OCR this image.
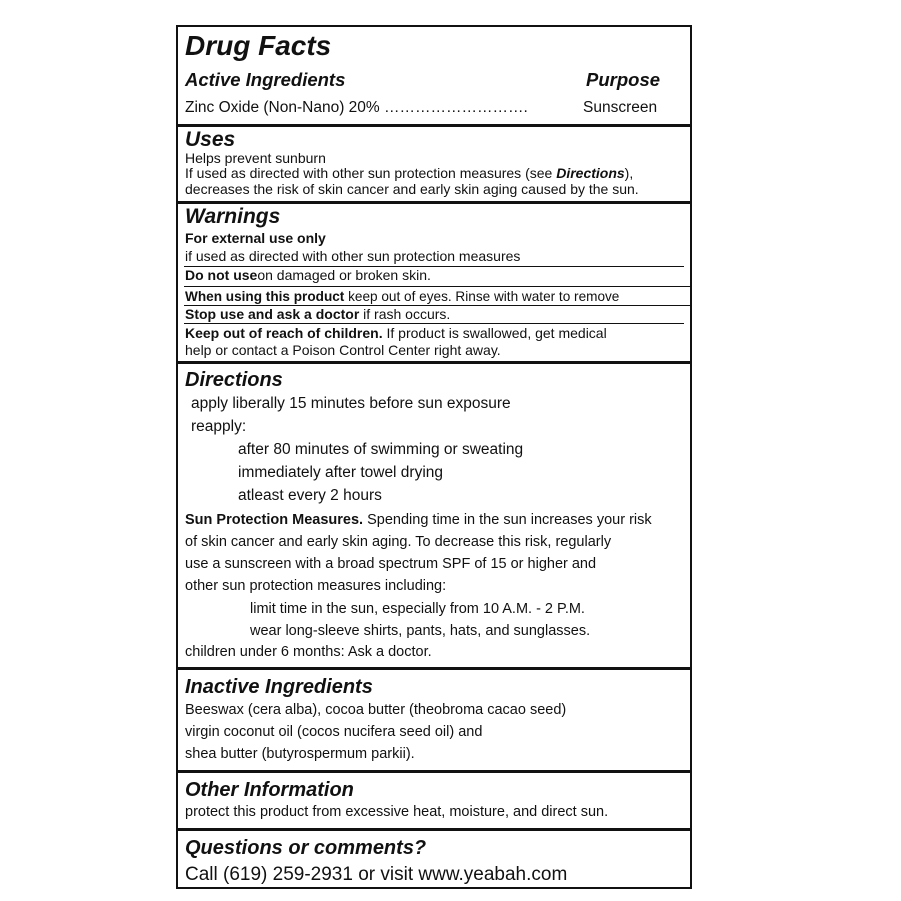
Drug Facts
Active Ingredients	Purpose
Zinc Oxide (Non-Nano) 20% ……………………….	Sunscreen
Uses
Helps prevent sunburn
If used as directed with other sun protection measures (see Directions),
decreases the risk of skin cancer and early skin aging caused by the sun.
Warnings
For external use only
if used as directed with other sun protection measures
Do not useon damaged or broken skin.
When using this product keep out of eyes. Rinse with water to remove
Stop use and ask a doctor if rash occurs.
Keep out of reach of children. If product is swallowed, get medical
help or contact a Poison Control Center right away.
Directions
apply liberally 15 minutes before sun exposure
reapply:
after 80 minutes of swimming or sweating
immediately after towel drying
atleast every 2 hours
Sun Protection Measures. Spending time in the sun increases your risk
of skin cancer and early skin aging. To decrease this risk, regularly
use a sunscreen with a broad spectrum SPF of 15 or higher and
other sun protection measures including:
limit time in the sun, especially from 10 A.M. - 2 P.M.
wear long-sleeve shirts, pants, hats, and sunglasses.
children under 6 months: Ask a doctor.
Inactive Ingredients
Beeswax (cera alba), cocoa butter (theobroma cacao seed)
virgin coconut oil (cocos nucifera seed oil) and
shea butter (butyrospermum parkii).
Other Information
protect this product from excessive heat, moisture, and direct sun.
Questions or comments?
Call (619) 259-2931 or visit www.yeabah.com
